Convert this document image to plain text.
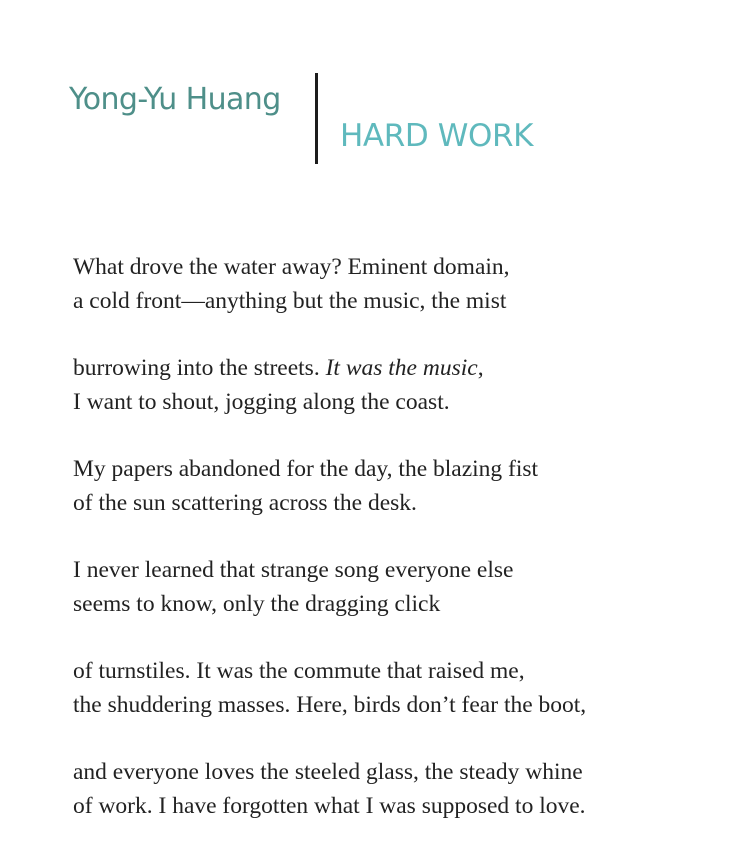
Yong-Yu Huang
HARD WORK
What drove the water away? Eminent domain,
a cold front—anything but the music, the mist
burrowing into the streets. It was the music,
I want to shout, jogging along the coast.
My papers abandoned for the day, the blazing fist
of the sun scattering across the desk.
I never learned that strange song everyone else
seems to know, only the dragging click
of turnstiles. It was the commute that raised me,
the shuddering masses. Here, birds don’t fear the boot,
and everyone loves the steeled glass, the steady whine
of work. I have forgotten what I was supposed to love.
